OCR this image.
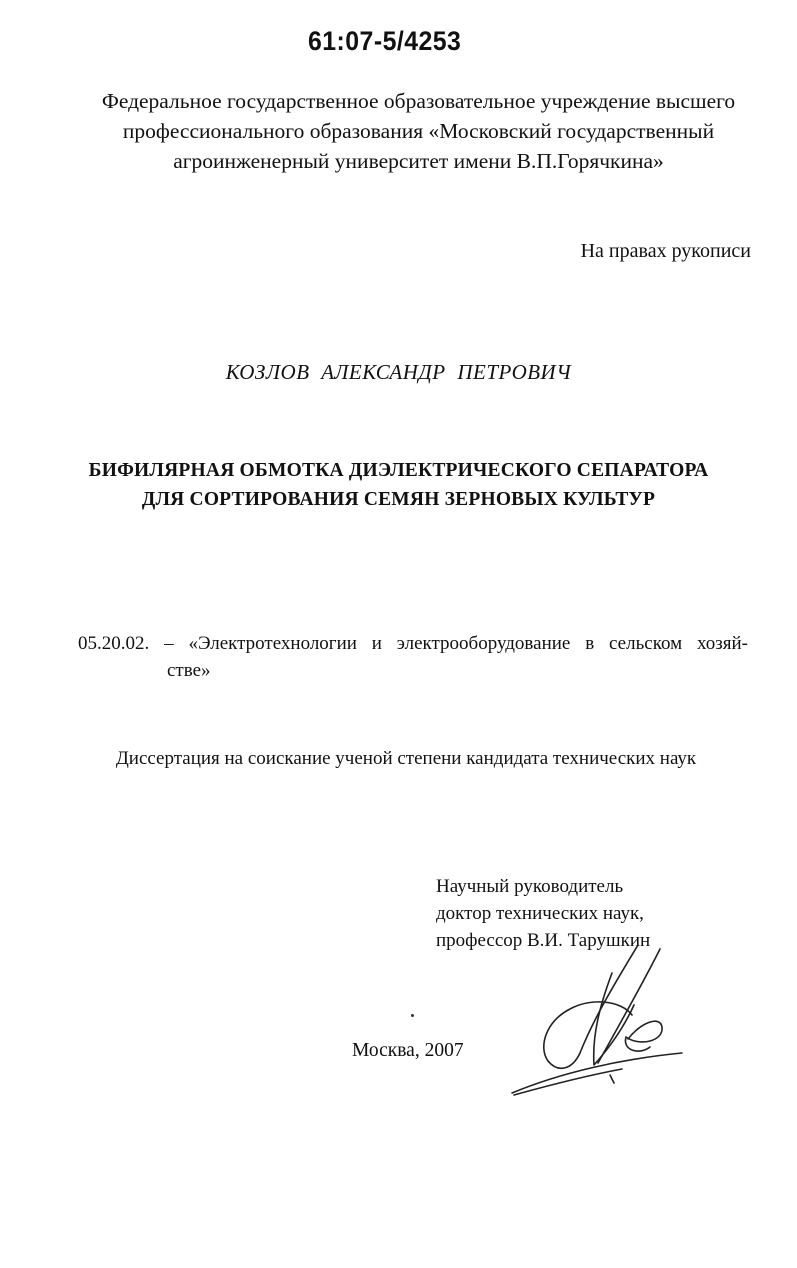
61:07-5/4253
Федеральное государственное образовательное учреждение высшего
профессионального образования «Московский государственный
агроинженерный университет имени В.П.Горячкина»
На правах рукописи
КОЗЛОВ АЛЕКСАНДР ПЕТРОВИЧ
БИФИЛЯРНАЯ ОБМОТКА ДИЭЛЕКТРИЧЕСКОГО СЕПАРАТОРА
ДЛЯ СОРТИРОВАНИЯ СЕМЯН ЗЕРНОВЫХ КУЛЬТУР
05.20.02. – «Электротехнологии и электрооборудование в сельском хозяй-
стве»
Диссертация на соискание ученой степени кандидата технических наук
Научный руководитель
доктор технических наук,
профессор В.И. Тарушкин
Москва, 2007
